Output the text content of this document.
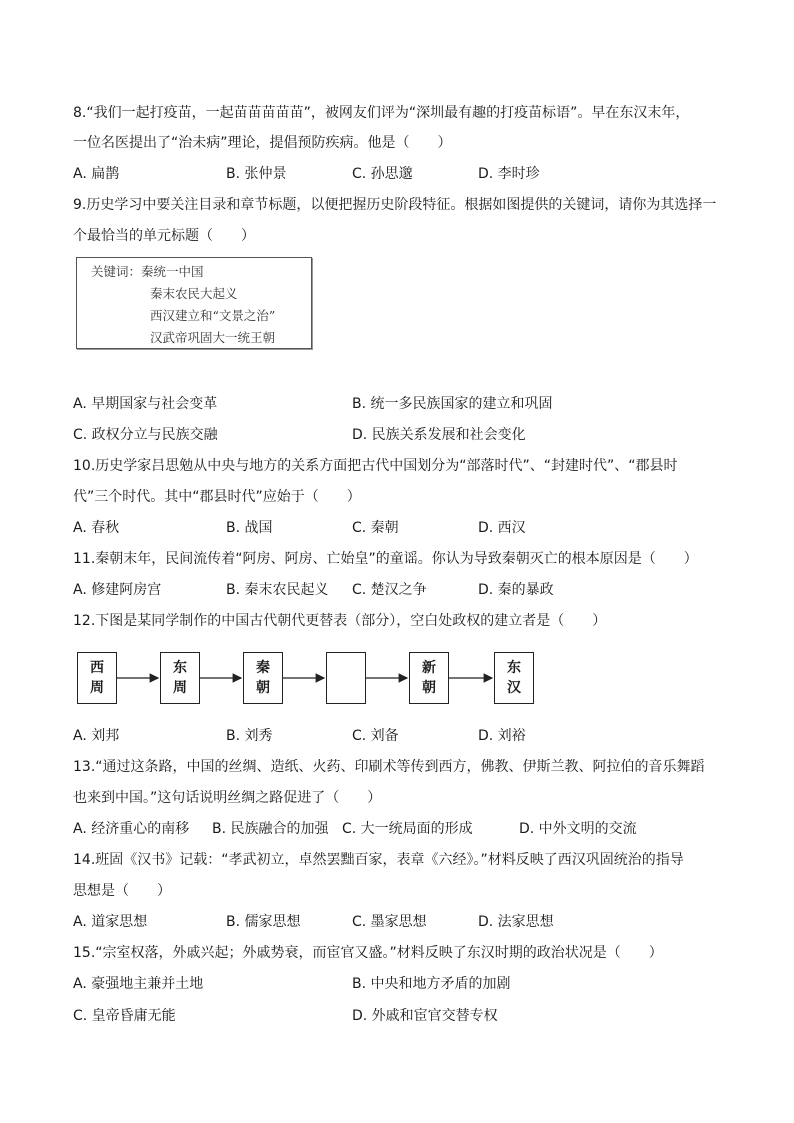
8.“我们一起打疫苗，一起苗苗苗苗苗”，被网友们评为“深圳最有趣的打疫苗标语”。早在东汉末年，
一位名医提出了“治未病”理论，提倡预防疾病。他是（　　）
A. 扁鹊	B. 张仲景	C. 孙思邈	D. 李时珍
9.历史学习中要关注目录和章节标题，以便把握历史阶段特征。根据如图提供的关键词，请你为其选择一
个最恰当的单元标题（　　）
关键词：秦统一中国
秦末农民大起义
西汉建立和“文景之治”
汉武帝巩固大一统王朝
A. 早期国家与社会变革	B. 统一多民族国家的建立和巩固
C. 政权分立与民族交融	D. 民族关系发展和社会变化
10.历史学家吕思勉从中央与地方的关系方面把古代中国划分为“部落时代”、“封建时代”、“郡县时
代”三个时代。其中“郡县时代”应始于（　　）
A. 春秋	B. 战国	C. 秦朝	D. 西汉
11.秦朝末年，民间流传着“阿房、阿房、亡始皇”的童谣。你认为导致秦朝灭亡的根本原因是（　　）
A. 修建阿房宫	B. 秦末农民起义 C. 楚汉之争	D. 秦的暴政
12.下图是某同学制作的中国古代朝代更替表（部分），空白处政权的建立者是（　　）
西
周
东
周
秦
朝
新
朝
东
汉
A. 刘邦	B. 刘秀	C. 刘备	D. 刘裕
13.“通过这条路，中国的丝绸、造纸、火药、印刷术等传到西方，佛教、伊斯兰教、阿拉伯的音乐舞蹈
也来到中国。”这句话说明丝绸之路促进了（　　）
A. 经济重心的南移 B. 民族融合的加强 C. 大一统局面的形成	D. 中外文明的交流
14.班固《汉书》记载：“孝武初立，卓然罢黜百家，表章《六经》。”材料反映了西汉巩固统治的指导
思想是（　　）
A. 道家思想	B. 儒家思想	C. 墨家思想	D. 法家思想
15.“宗室权落，外戚兴起；外戚势衰，而宦官又盛。”材料反映了东汉时期的政治状况是（　　）
A. 豪强地主兼并土地	B. 中央和地方矛盾的加剧
C. 皇帝昏庸无能	D. 外戚和宦官交替专权
